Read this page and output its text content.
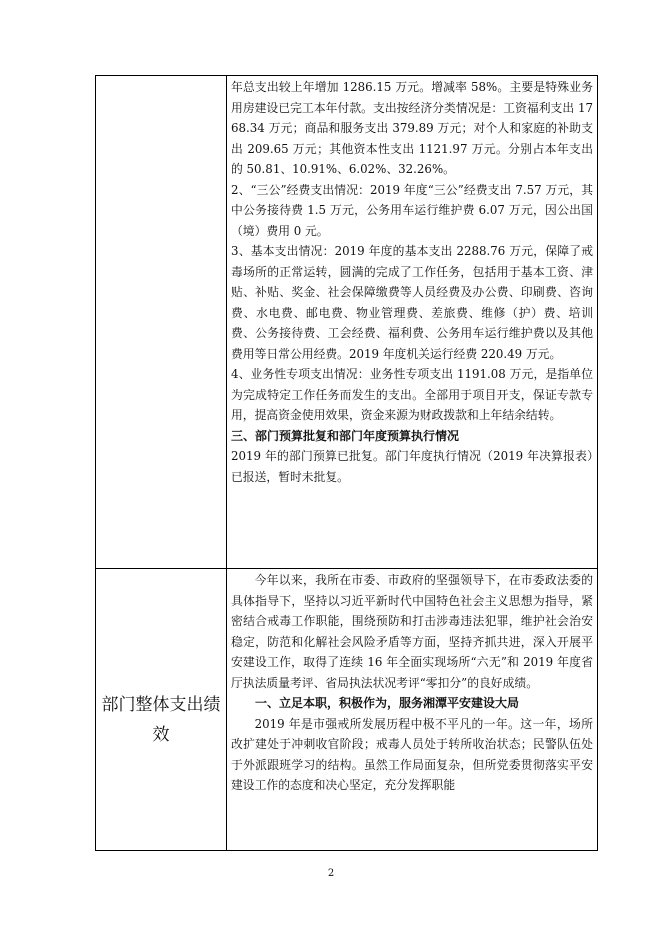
年总支出较上年增加 1286.15 万元。增减率 58%。主要是特殊业务用房建设已完工本年付款。支出按经济分类情况是：工资福利支出 1768.34 万元；商品和服务支出 379.89 万元；对个人和家庭的补助支出 209.65 万元；其他资本性支出 1121.97 万元。分别占本年支出的 50.81、10.91%、6.02%、32.26%。

2、“三公”经费支出情况：2019 年度“三公”经费支出 7.57 万元，其中公务接待费 1.5 万元，公务用车运行维护费 6.07 万元，因公出国（境）费用 0 元。

3、基本支出情况：2019 年度的基本支出 2288.76 万元，保障了戒毒场所的正常运转，圆满的完成了工作任务，包括用于基本工资、津贴、补贴、奖金、社会保障缴费等人员经费及办公费、印刷费、咨询费、水电费、邮电费、物业管理费、差旅费、维修（护）费、培训费、公务接待费、工会经费、福利费、公务用车运行维护费以及其他费用等日常公用经费。2019 年度机关运行经费 220.49 万元。

4、业务性专项支出情况：业务性专项支出 1191.08 万元，是指单位为完成特定工作任务而发生的支出。全部用于项目开支，保证专款专用，提高资金使用效果，资金来源为财政拨款和上年结余结转。

三、部门预算批复和部门年度预算执行情况

2019 年的部门预算已批复。部门年度执行情况（2019 年决算报表）已报送，暂时未批复。

部门整体支出绩效

今年以来，我所在市委、市政府的坚强领导下，在市委政法委的具体指导下，坚持以习近平新时代中国特色社会主义思想为指导，紧密结合戒毒工作职能，围绕预防和打击涉毒违法犯罪，维护社会治安稳定，防范和化解社会风险矛盾等方面，坚持齐抓共进，深入开展平安建设工作，取得了连续 16 年全面实现场所“六无”和 2019 年度省厅执法质量考评、省局执法状况考评“零扣分”的良好成绩。

一、立足本职，积极作为，服务湘潭平安建设大局

2019 年是市强戒所发展历程中极不平凡的一年。这一年，场所改扩建处于冲刺收官阶段；戒毒人员处于转所收治状态；民警队伍处于外派跟班学习的结构。虽然工作局面复杂，但所党委贯彻落实平安建设工作的态度和决心坚定，充分发挥职能

2
